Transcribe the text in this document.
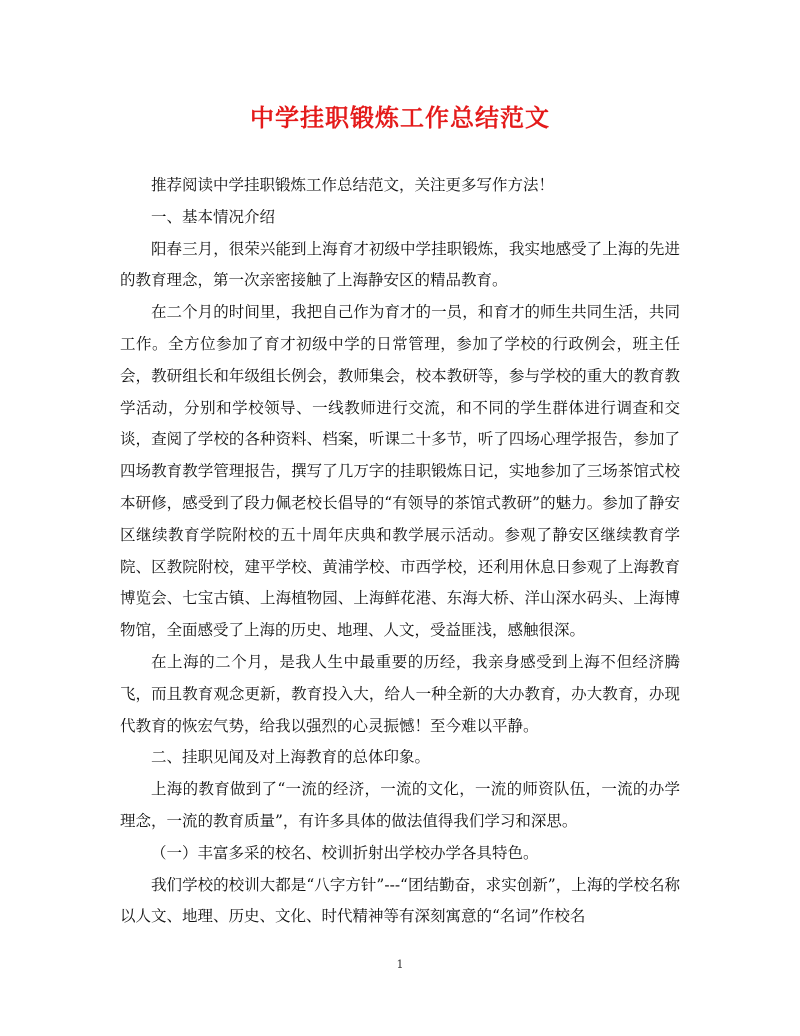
中学挂职锻炼工作总结范文

推荐阅读中学挂职锻炼工作总结范文，关注更多写作方法！

一、基本情况介绍

阳春三月，很荣兴能到上海育才初级中学挂职锻炼，我实地感受了上海的先进的教育理念，第一次亲密接触了上海静安区的精品教育。

在二个月的时间里，我把自己作为育才的一员，和育才的师生共同生活，共同工作。全方位参加了育才初级中学的日常管理，参加了学校的行政例会，班主任会，教研组长和年级组长例会，教师集会，校本教研等，参与学校的重大的教育教学活动，分别和学校领导、一线教师进行交流，和不同的学生群体进行调查和交谈，查阅了学校的各种资料、档案，听课二十多节，听了四场心理学报告，参加了四场教育教学管理报告，撰写了几万字的挂职锻炼日记，实地参加了三场茶馆式校本研修，感受到了段力佩老校长倡导的“有领导的茶馆式教研”的魅力。参加了静安区继续教育学院附校的五十周年庆典和教学展示活动。参观了静安区继续教育学院、区教院附校，建平学校、黄浦学校、市西学校，还利用休息日参观了上海教育博览会、七宝古镇、上海植物园、上海鲜花港、东海大桥、洋山深水码头、上海博物馆，全面感受了上海的历史、地理、人文，受益匪浅，感触很深。

在上海的二个月，是我人生中最重要的历经，我亲身感受到上海不但经济腾飞，而且教育观念更新，教育投入大，给人一种全新的大办教育，办大教育，办现代教育的恢宏气势，给我以强烈的心灵振憾！至今难以平静。

二、挂职见闻及对上海教育的总体印象。

上海的教育做到了“一流的经济，一流的文化，一流的师资队伍，一流的办学理念，一流的教育质量”，有许多具体的做法值得我们学习和深思。

（一）丰富多采的校名、校训折射出学校办学各具特色。

我们学校的校训大都是“八字方针”---“团结勤奋，求实创新”，上海的学校名称以人文、地理、历史、文化、时代精神等有深刻寓意的“名词”作校名

1
